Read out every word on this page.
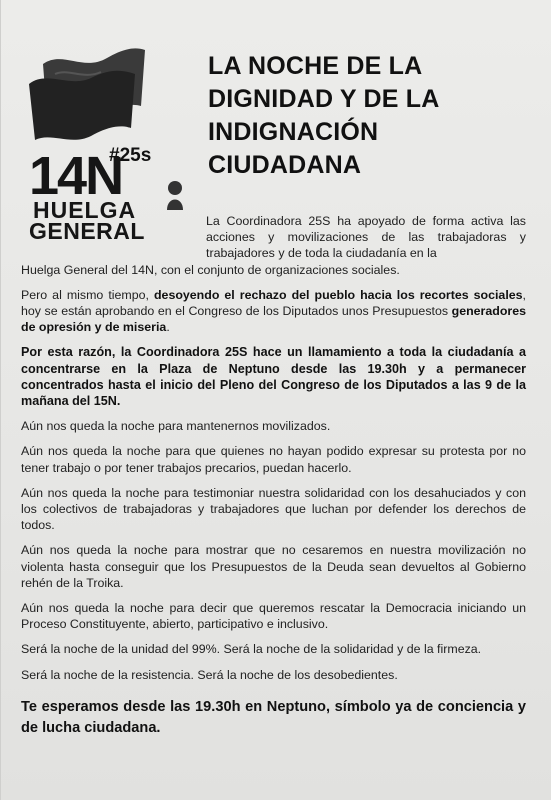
#25s
14N
HUELGA
GENERAL
LA NOCHE DE LA
DIGNIDAD Y DE LA
INDIGNACIÓN
CIUDADANA

La Coordinadora 25S ha apoyado de forma activa las acciones y movilizaciones de las trabajadoras y trabajadores y de toda la ciudadanía en la

Huelga General del 14N, con el conjunto de organizaciones sociales.

Pero al mismo tiempo, desoyendo el rechazo del pueblo hacia los recortes sociales, hoy se están aprobando en el Congreso de los Diputados unos Presupuestos generadores de opresión y de miseria.

Por esta razón, la Coordinadora 25S hace un llamamiento a toda la ciudadanía a concentrarse en la Plaza de Neptuno desde las 19.30h y a permanecer concentrados hasta el inicio del Pleno del Congreso de los Diputados a las 9 de la mañana del 15N.

Aún nos queda la noche para mantenernos movilizados.

Aún nos queda la noche para que quienes no hayan podido expresar su protesta por no tener trabajo o por tener trabajos precarios, puedan hacerlo.

Aún nos queda la noche para testimoniar nuestra solidaridad con los desahuciados y con los colectivos de trabajadoras y trabajadores que luchan por defender los derechos de todos.

Aún nos queda la noche para mostrar que no cesaremos en nuestra movilización no violenta hasta conseguir que los Presupuestos de la Deuda sean devueltos al Gobierno rehén de la Troika.

Aún nos queda la noche para decir que queremos rescatar la Democracia iniciando un Proceso Constituyente, abierto, participativo e inclusivo.

Será la noche de la unidad del 99%. Será la noche de la solidaridad y de la firmeza.

Será la noche de la resistencia. Será la noche de los desobedientes.

Te esperamos desde las 19.30h en Neptuno, símbolo ya de conciencia y de lucha ciudadana.
